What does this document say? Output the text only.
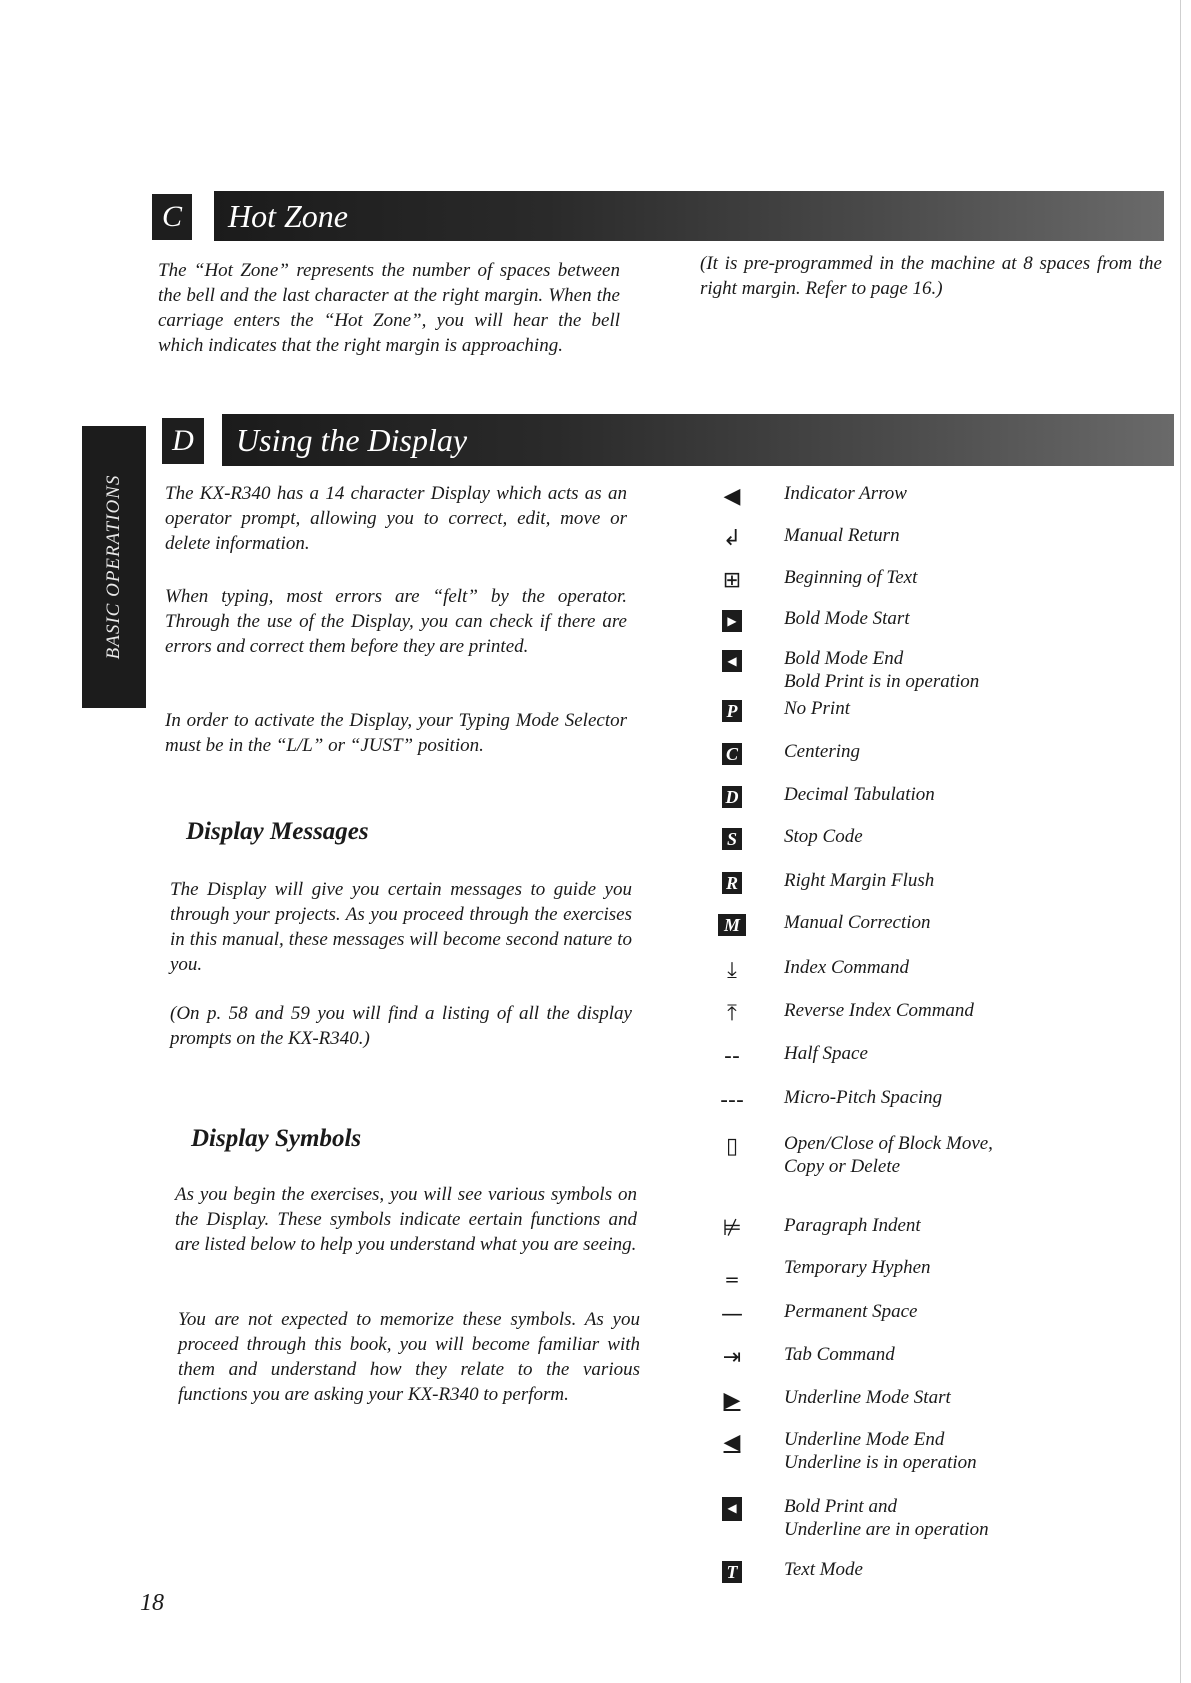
C	Hot Zone

The “Hot Zone” represents the number of spaces between the bell and the last character at the right margin. When the carriage enters the “Hot Zone”, you will hear the bell which indicates that the right margin is approaching.

(It is pre-programmed in the machine at 8 spaces from the right margin. Refer to page 16.)

BASIC OPERATIONS
D	Using the Display

The KX-R340 has a 14 character Display which acts as an operator prompt, allowing you to correct, edit, move or delete information.

When typing, most errors are “felt” by the operator. Through the use of the Display, you can check if there are errors and correct them before they are printed.

In order to activate the Display, your Typing Mode Selector must be in the “L/L” or “JUST” position.

Display Messages

The Display will give you certain messages to guide you through your projects. As you proceed through the exercises in this manual, these messages will become second nature to you.

(On p. 58 and 59 you will find a listing of all the display prompts on the KX-R340.)

Display Symbols

As you begin the exercises, you will see various symbols on the Display. These symbols indicate eertain functions and are listed below to help you understand what you are seeing.

You are not expected to memorize these symbols. As you proceed through this book, you will become familiar with them and understand how they relate to the various functions you are asking your KX-R340 to perform.

◀ Indicator Arrow
↲ Manual Return
⊞ Beginning of Text
▶ Bold Mode Start
◀ Bold Mode End
Bold Print is in operation
P No Print
C Centering
D Decimal Tabulation
S Stop Code
R Right Margin Flush
M	Manual Correction
⤓ Index Command
⤒ Reverse Index Command
-- Half Space
--- Micro-Pitch Spacing
▯ Open/Close of Block Move,
Copy or Delete
⊭ Paragraph Indent
‗ Temporary Hyphen
— Permanent Space
⇥ Tab Command
▶ Underline Mode Start
◀ Underline Mode End
Underline is in operation
◀ Bold Print and
Underline are in operation
T Text Mode
18
